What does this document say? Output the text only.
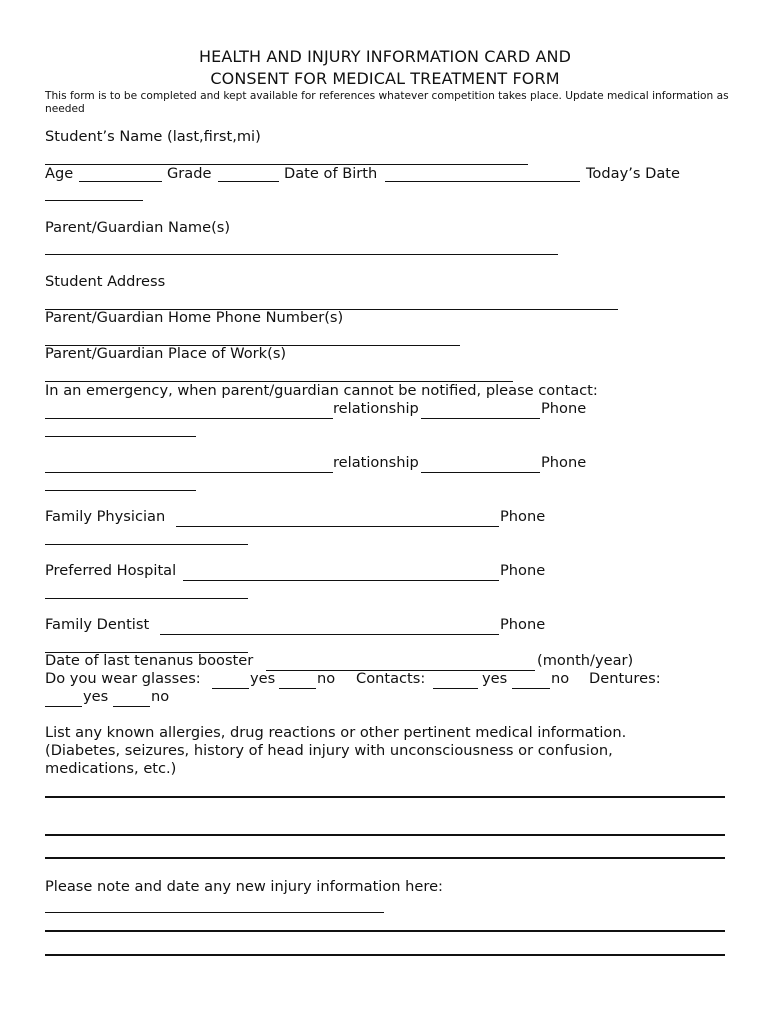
HEALTH AND INJURY INFORMATION CARD AND
CONSENT FOR MEDICAL TREATMENT FORM
This form is to be completed and kept available for references whatever competition takes place. Update medical information as needed
Student’s Name (last,first,mi)
Age	Grade	Date of Birth	Today’s Date
Parent/Guardian Name(s)
Student Address
Parent/Guardian Home Phone Number(s)
Parent/Guardian Place of Work(s)
In an emergency, when parent/guardian cannot be notified, please contact:
relationship	Phone
relationship	Phone
Family Physician	Phone
Preferred Hospital	Phone
Family Dentist	Phone
Date of last tenanus booster	(month/year)
Do you wear glasses:	yes	no Contacts:	yes	no Dentures:
yes	no
List any known allergies, drug reactions or other pertinent medical information. (Diabetes, seizures, history of head injury with unconsciousness or confusion, medications, etc.)
Please note and date any new injury information here:
